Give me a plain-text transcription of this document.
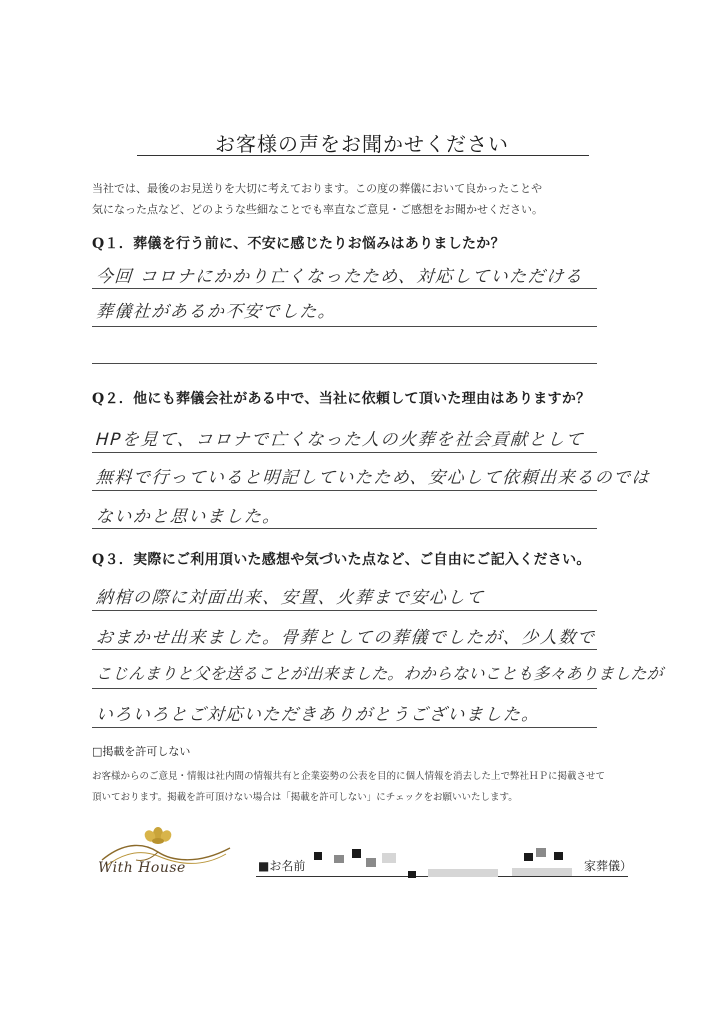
お客様の声をお聞かせください
当社では、最後のお見送りを大切に考えております。この度の葬儀において良かったことや
気になった点など、どのような些細なことでも率直なご意見・ご感想をお聞かせください。
Q１．葬儀を行う前に、不安に感じたりお悩みはありましたか？
今回 コロナにかかり亡くなったため、対応していただける
葬儀社があるか不安でした。
Q２．他にも葬儀会社がある中で、当社に依頼して頂いた理由はありますか？
HPを見て、コロナで亡くなった人の火葬を社会貢献として
無料で行っていると明記していたため、安心して依頼出来るのでは
ないかと思いました。
Q３．実際にご利用頂いた感想や気づいた点など、ご自由にご記入ください。
納棺の際に対面出来、安置、火葬まで安心して
おまかせ出来ました。骨葬としての葬儀でしたが、少人数で
こじんまりと父を送ることが出来ました。わからないことも多々ありましたが
いろいろとご対応いただきありがとうございました。
□掲載を許可しない
お客様からのご意見・情報は社内間の情報共有と企業姿勢の公表を目的に個人情報を消去した上で弊社ＨＰに掲載させて
頂いております。掲載を許可頂けない場合は「掲載を許可しない」にチェックをお願いいたします。
With House	■お名前	家葬儀）
